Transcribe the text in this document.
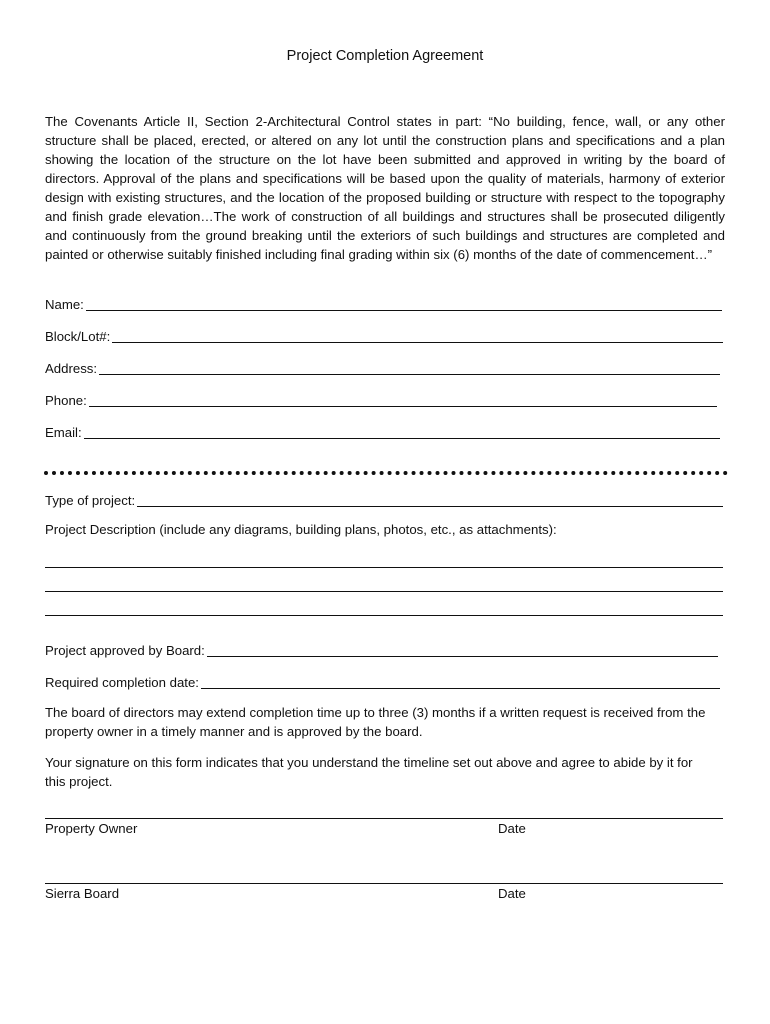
Project Completion Agreement

The Covenants Article II, Section 2-Architectural Control states in part: “No building, fence, wall, or any other structure shall be placed, erected, or altered on any lot until the construction plans and specifications and a plan showing the location of the structure on the lot have been submitted and approved in writing by the board of directors. Approval of the plans and specifications will be based upon the quality of materials, harmony of exterior design with existing structures, and the location of the proposed building or structure with respect to the topography and finish grade elevation…The work of construction of all buildings and structures shall be prosecuted diligently and continuously from the ground breaking until the exteriors of such buildings and structures are completed and painted or otherwise suitably finished including final grading within six (6) months of the date of commencement…”

Name:
Block/Lot#:
Address:
Phone:
Email:
Type of project:
Project Description (include any diagrams, building plans, photos, etc., as attachments):
Project approved by Board:
Required completion date:

The board of directors may extend completion time up to three (3) months if a written request is received from the property owner in a timely manner and is approved by the board.

Your signature on this form indicates that you understand the timeline set out above and agree to abide by it for this project.

Property Owner	Date
Sierra Board	Date
